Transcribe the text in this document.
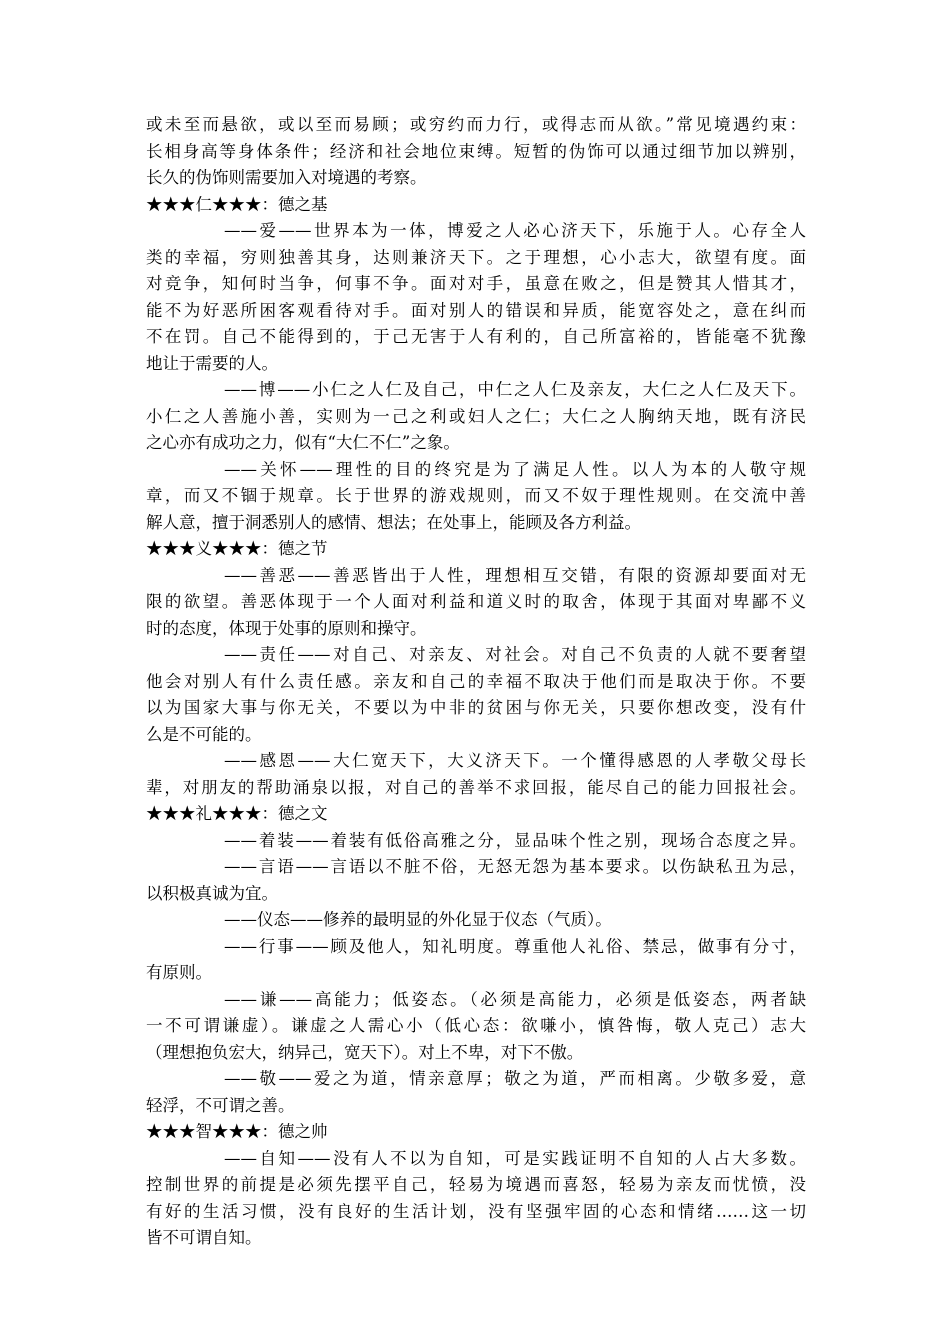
或未至而悬欲，或以至而易顾；或穷约而力行，或得志而从欲。”常见境遇约束：
长相身高等身体条件；经济和社会地位束缚。短暂的伪饰可以通过细节加以辨别，
长久的伪饰则需要加入对境遇的考察。
★★★仁★★★：德之基
——爱——世界本为一体，博爱之人必心济天下，乐施于人。心存全人
类的幸福，穷则独善其身，达则兼济天下。之于理想，心小志大，欲望有度。面
对竞争，知何时当争，何事不争。面对对手，虽意在败之，但是赞其人惜其才，
能不为好恶所困客观看待对手。面对别人的错误和异质，能宽容处之，意在纠而
不在罚。自己不能得到的，于己无害于人有利的，自己所富裕的，皆能毫不犹豫
地让于需要的人。
——博——小仁之人仁及自己，中仁之人仁及亲友，大仁之人仁及天下。
小仁之人善施小善，实则为一己之利或妇人之仁；大仁之人胸纳天地，既有济民
之心亦有成功之力，似有“大仁不仁”之象。
——关怀——理性的目的终究是为了满足人性。以人为本的人敬守规
章，而又不锢于规章。长于世界的游戏规则，而又不奴于理性规则。在交流中善
解人意，擅于洞悉别人的感情、想法；在处事上，能顾及各方利益。
★★★义★★★：德之节
——善恶——善恶皆出于人性，理想相互交错，有限的资源却要面对无
限的欲望。善恶体现于一个人面对利益和道义时的取舍，体现于其面对卑鄙不义
时的态度，体现于处事的原则和操守。
——责任——对自己、对亲友、对社会。对自己不负责的人就不要奢望
他会对别人有什么责任感。亲友和自己的幸福不取决于他们而是取决于你。不要
以为国家大事与你无关，不要以为中非的贫困与你无关，只要你想改变，没有什
么是不可能的。
——感恩——大仁宽天下，大义济天下。一个懂得感恩的人孝敬父母长
辈，对朋友的帮助涌泉以报，对自己的善举不求回报，能尽自己的能力回报社会。
★★★礼★★★：德之文
——着装——着装有低俗高雅之分，显品味个性之别，现场合态度之异。
——言语——言语以不脏不俗，无怒无怨为基本要求。以伤缺私丑为忌，
以积极真诚为宜。
——仪态——修养的最明显的外化显于仪态（气质）。
——行事——顾及他人，知礼明度。尊重他人礼俗、禁忌，做事有分寸，
有原则。
——谦——高能力；低姿态。（必须是高能力，必须是低姿态，两者缺
一不可谓谦虚）。谦虚之人需心小（低心态：欲嗛小，慎咎悔，敬人克己）志大
（理想抱负宏大，纳异己，宽天下）。对上不卑，对下不傲。
——敬——爱之为道，情亲意厚；敬之为道，严而相离。少敬多爱，意
轻浮，不可谓之善。
★★★智★★★：德之帅
——自知——没有人不以为自知，可是实践证明不自知的人占大多数。
控制世界的前提是必须先摆平自己，轻易为境遇而喜怒，轻易为亲友而忧愤，没
有好的生活习惯，没有良好的生活计划，没有坚强牢固的心态和情绪……这一切
皆不可谓自知。
